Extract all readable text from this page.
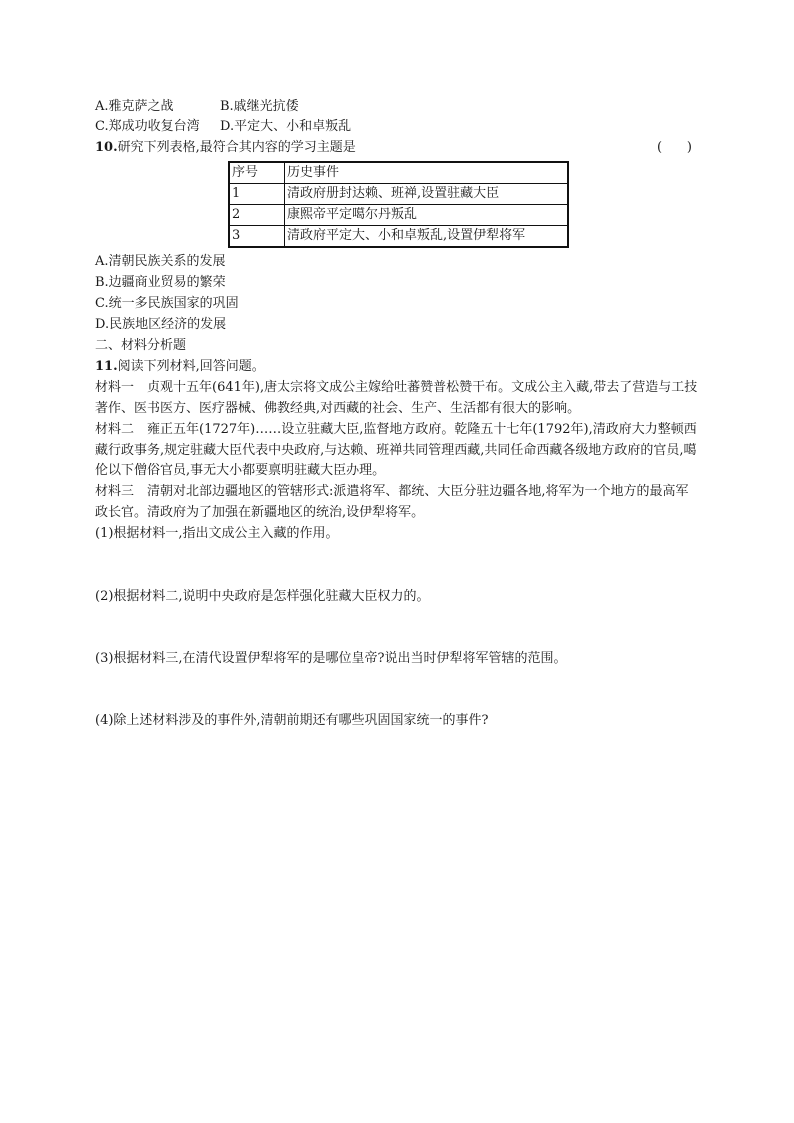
A.雅克萨之战	B.戚继光抗倭
C.郑成功收复台湾 D.平定大、小和卓叛乱
10.研究下列表格,最符合其内容的学习主题是	(      )
序号	历史事件
1	清政府册封达赖、班禅,设置驻藏大臣
2	康熙帝平定噶尔丹叛乱
3	清政府平定大、小和卓叛乱,设置伊犁将军
A.清朝民族关系的发展
B.边疆商业贸易的繁荣
C.统一多民族国家的巩固
D.民族地区经济的发展
二、材料分析题
11.阅读下列材料,回答问题。
材料一　贞观十五年(641年),唐太宗将文成公主嫁给吐蕃赞普松赞干布。文成公主入藏,带去了营造与工技著作、医书医方、医疗器械、佛教经典,对西藏的社会、生产、生活都有很大的影响。
材料二　雍正五年(1727年)……设立驻藏大臣,监督地方政府。乾隆五十七年(1792年),清政府大力整顿西藏行政事务,规定驻藏大臣代表中央政府,与达赖、班禅共同管理西藏,共同任命西藏各级地方政府的官员,噶伦以下僧俗官员,事无大小都要禀明驻藏大臣办理。
材料三　清朝对北部边疆地区的管辖形式:派遣将军、都统、大臣分驻边疆各地,将军为一个地方的最高军政长官。清政府为了加强在新疆地区的统治,设伊犁将军。
(1)根据材料一,指出文成公主入藏的作用。
(2)根据材料二,说明中央政府是怎样强化驻藏大臣权力的。
(3)根据材料三,在清代设置伊犁将军的是哪位皇帝?说出当时伊犁将军管辖的范围。
(4)除上述材料涉及的事件外,清朝前期还有哪些巩固国家统一的事件?
